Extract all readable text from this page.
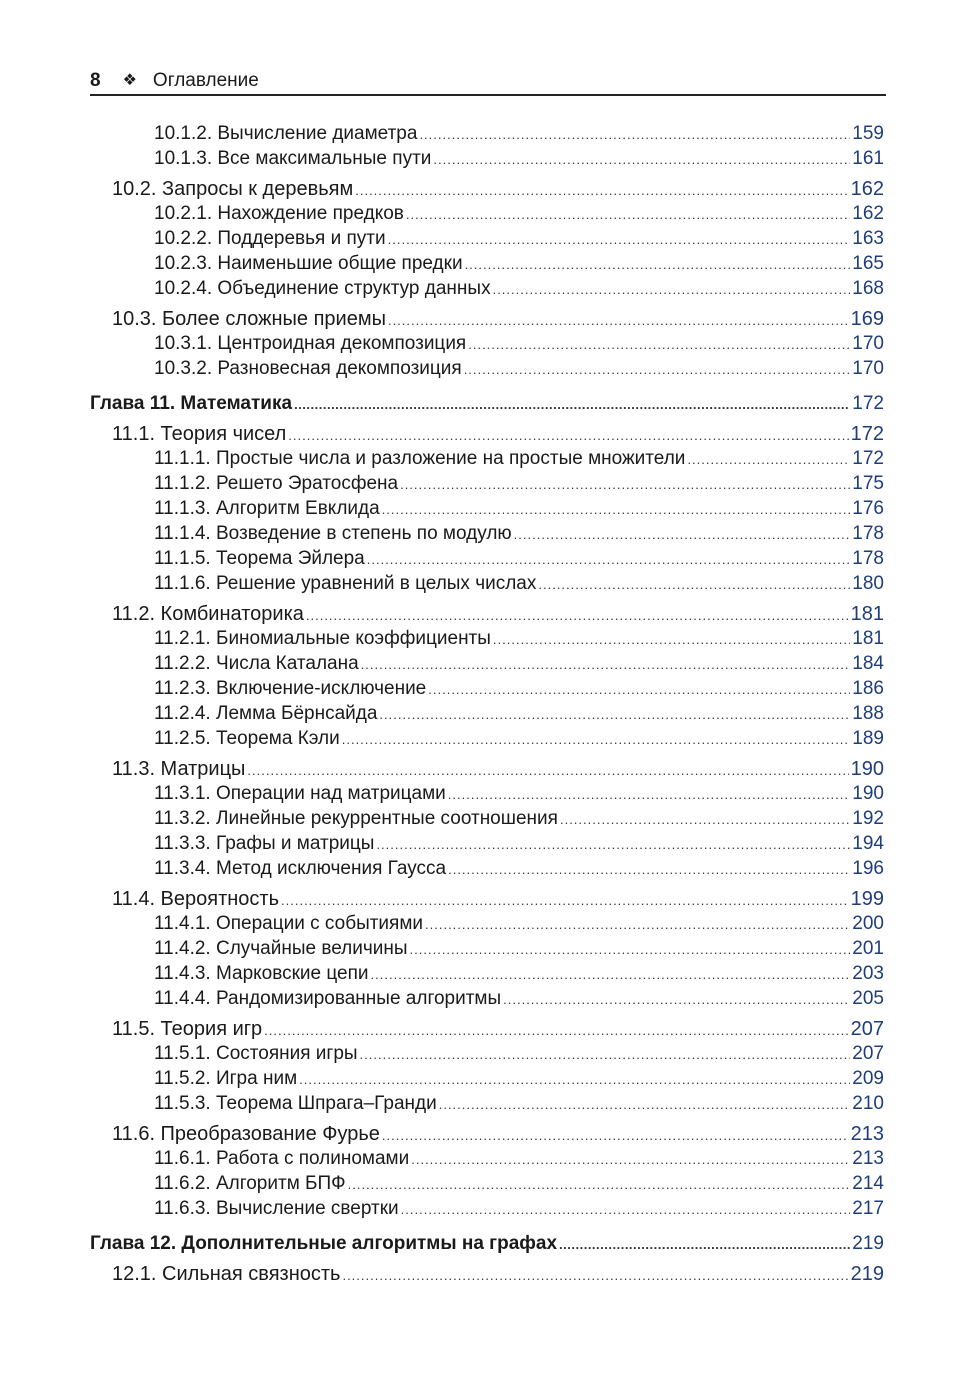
8 ❖ Оглавление
10.1.2. Вычисление диаметра .....	159
10.1.3. Все максимальные пути .....	161
10.2. Запросы к деревьям .....	162
10.2.1. Нахождение предков .....	162
10.2.2. Поддеревья и пути .....	163
10.2.3. Наименьшие общие предки .....	165
10.2.4. Объединение структур данных .....	168
10.3. Более сложные приемы .....	169
10.3.1. Центроидная декомпозиция .....	170
10.3.2. Разновесная декомпозиция .....	170
Глава 11. Математика .....	172
11.1. Теория чисел .....	172
11.1.1. Простые числа и разложение на простые множители .....	172
11.1.2. Решето Эратосфена .....	175
11.1.3. Алгоритм Евклида .....	176
11.1.4. Возведение в степень по модулю .....	178
11.1.5. Теорема Эйлера .....	178
11.1.6. Решение уравнений в целых числах .....	180
11.2. Комбинаторика .....	181
11.2.1. Биномиальные коэффициенты .....	181
11.2.2. Числа Каталана .....	184
11.2.3. Включение-исключение .....	186
11.2.4. Лемма Бёрнсайда .....	188
11.2.5. Теорема Кэли .....	189
11.3. Матрицы .....	190
11.3.1. Операции над матрицами .....	190
11.3.2. Линейные рекуррентные соотношения .....	192
11.3.3. Графы и матрицы .....	194
11.3.4. Метод исключения Гаусса .....	196
11.4. Вероятность .....	199
11.4.1. Операции с событиями .....	200
11.4.2. Случайные величины .....	201
11.4.3. Марковские цепи .....	203
11.4.4. Рандомизированные алгоритмы .....	205
11.5. Теория игр .....	207
11.5.1. Состояния игры .....	207
11.5.2. Игра ним .....	209
11.5.3. Теорема Шпрага–Гранди .....	210
11.6. Преобразование Фурье .....	213
11.6.1. Работа с полиномами .....	213
11.6.2. Алгоритм БПФ .....	214
11.6.3. Вычисление свертки .....	217
Глава 12. Дополнительные алгоритмы на графах .....	219
12.1. Сильная связность .....	219
